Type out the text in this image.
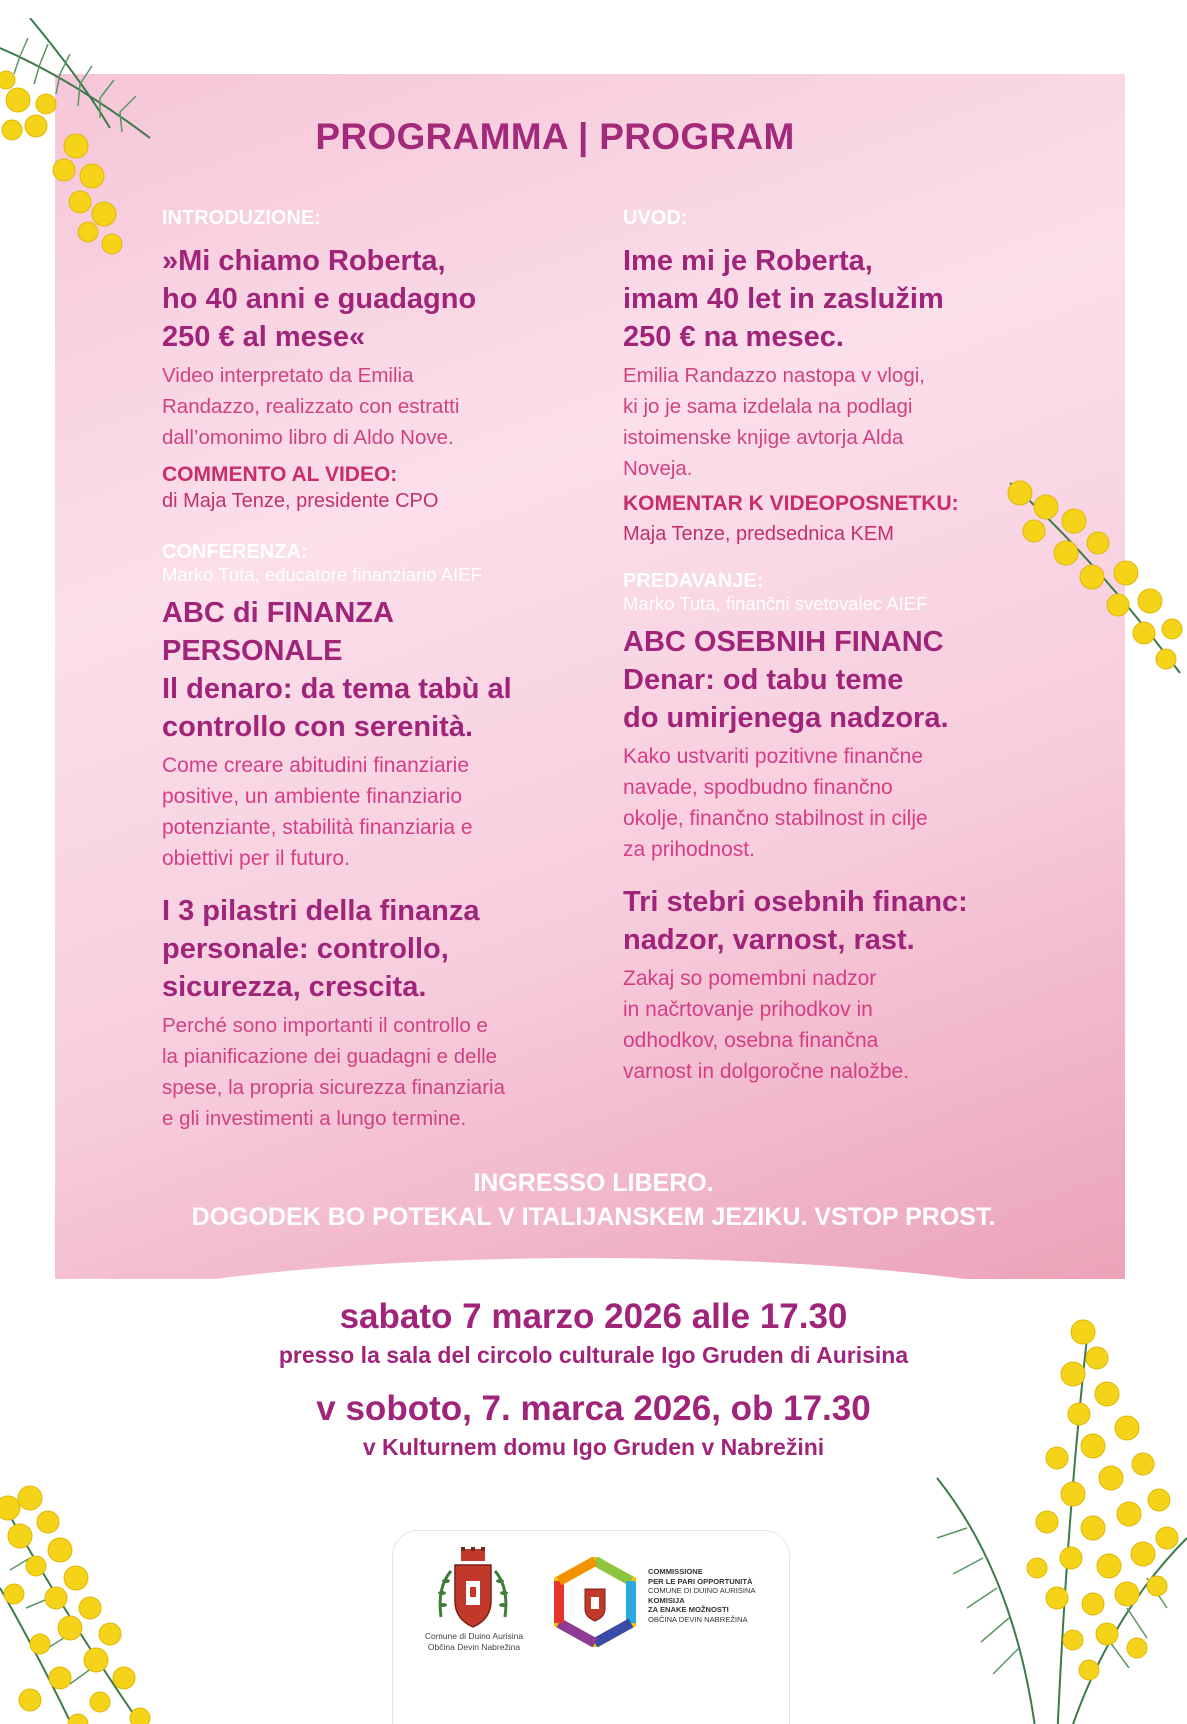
PROGRAMMA | PROGRAM
INTRODUZIONE:
»Mi chiamo Roberta,
ho 40 anni e guadagno
250 € al mese«
Video interpretato da Emilia
Randazzo, realizzato con estratti
dall’omonimo libro di Aldo Nove.
COMMENTO AL VIDEO:
di Maja Tenze, presidente CPO
CONFERENZA:
Marko Tuta, educatore finanziario AIEF
ABC di FINANZA
PERSONALE
Il denaro: da tema tabù al
controllo con serenità.
Come creare abitudini finanziarie
positive, un ambiente finanziario
potenziante, stabilità finanziaria e
obiettivi per il futuro.
I 3 pilastri della finanza
personale: controllo,
sicurezza, crescita.
Perché sono importanti il controllo e
la pianificazione dei guadagni e delle
spese, la propria sicurezza finanziaria
e gli investimenti a lungo termine.
UVOD:
Ime mi je Roberta,
imam 40 let in zaslužim
250 € na mesec.
Emilia Randazzo nastopa v vlogi,
ki jo je sama izdelala na podlagi
istoimenske knjige avtorja Alda
Noveja.
KOMENTAR K VIDEOPOSNETKU:
Maja Tenze, predsednica KEM
PREDAVANJE:
Marko Tuta, finančni svetovalec AIEF
ABC OSEBNIH FINANC
Denar: od tabu teme
do umirjenega nadzora.
Kako ustvariti pozitivne finančne
navade, spodbudno finančno
okolje, finančno stabilnost in cilje
za prihodnost.
Tri stebri osebnih financ:
nadzor, varnost, rast.
Zakaj so pomembni nadzor
in načrtovanje prihodkov in
odhodkov, osebna finančna
varnost in dolgoročne naložbe.
INGRESSO LIBERO.
DOGODEK BO POTEKAL V ITALIJANSKEM JEZIKU. VSTOP PROST.
sabato 7 marzo 2026 alle 17.30
presso la sala del circolo culturale Igo Gruden di Aurisina
v soboto, 7. marca 2026, ob 17.30
v Kulturnem domu Igo Gruden v Nabrežini
Comune di Duino Aurisina
Občina Devin Nabrežina
COMMISSIONE
PER LE PARI OPPORTUNITÀ
COMUNE DI DUINO AURISINA
KOMISIJA
ZA ENAKE MOŽNOSTI
OBČINA DEVIN NABREŽINA
